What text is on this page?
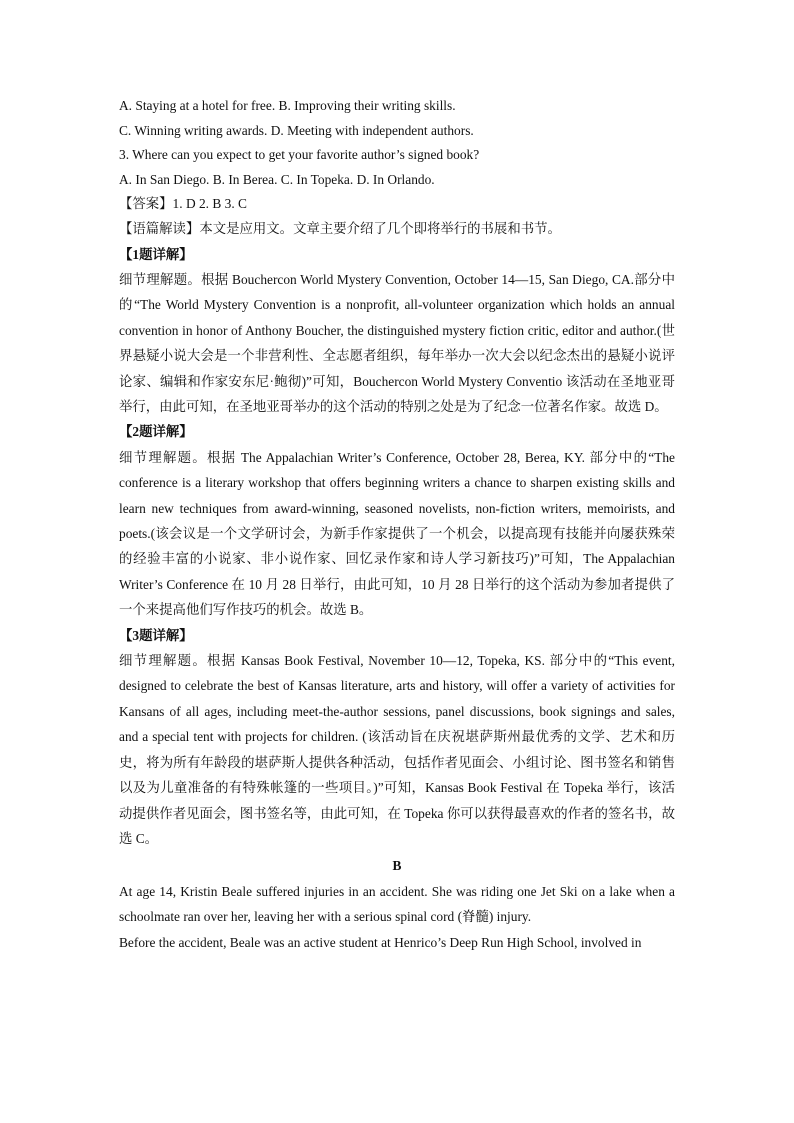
A. Staying at a hotel for free. B. Improving their writing skills.

C. Winning writing awards. D. Meeting with independent authors.

3. Where can you expect to get your favorite author’s signed book?

A. In San Diego. B. In Berea. C. In Topeka. D. In Orlando.

【答案】1. D 2. B 3. C

【语篇解读】本文是应用文。文章主要介绍了几个即将举行的书展和书节。

【1题详解】

细节理解题。根据 Bouchercon World Mystery Convention, October 14—15, San Diego, CA.部分中的“The World Mystery Convention is a nonprofit, all-volunteer organization which holds an annual convention in honor of Anthony Boucher, the distinguished mystery fiction critic, editor and author.(世界悬疑小说大会是一个非营利性、全志愿者组织，每年举办一次大会以纪念杰出的悬疑小说评论家、编辑和作家安东尼·鲍彻)”可知，Bouchercon World Mystery Conventio 该活动在圣地亚哥举行，由此可知，在圣地亚哥举办的这个活动的特别之处是为了纪念一位著名作家。故选 D。

【2题详解】

细节理解题。根据 The Appalachian Writer’s Conference, October 28, Berea, KY. 部分中的“The conference is a literary workshop that offers beginning writers a chance to sharpen existing skills and learn new techniques from award-winning, seasoned novelists, non-fiction writers, memoirists, and poets.(该会议是一个文学研讨会，为新手作家提供了一个机会，以提高现有技能并向屡获殊荣的经验丰富的小说家、非小说作家、回忆录作家和诗人学习新技巧)”可知，The Appalachian Writer’s Conference 在 10 月 28 日举行，由此可知，10 月 28 日举行的这个活动为参加者提供了一个来提高他们写作技巧的机会。故选 B。

【3题详解】

细节理解题。根据 Kansas Book Festival, November 10—12, Topeka, KS. 部分中的“This event, designed to celebrate the best of Kansas literature, arts and history, will offer a variety of activities for Kansans of all ages, including meet-the-author sessions, panel discussions, book signings and sales, and a special tent with projects for children. (该活动旨在庆祝堪萨斯州最优秀的文学、艺术和历史，将为所有年龄段的堪萨斯人提供各种活动，包括作者见面会、小组讨论、图书签名和销售以及为儿童准备的有特殊帐篷的一些项目。)”可知，Kansas Book Festival 在 Topeka 举行，该活动提供作者见面会，图书签名等，由此可知，在 Topeka 你可以获得最喜欢的作者的签名书，故选 C。

B

At age 14, Kristin Beale suffered injuries in an accident. She was riding one Jet Ski on a lake when a schoolmate ran over her, leaving her with a serious spinal cord (脊髓) injury.

Before the accident, Beale was an active student at Henrico’s Deep Run High School, involved in
